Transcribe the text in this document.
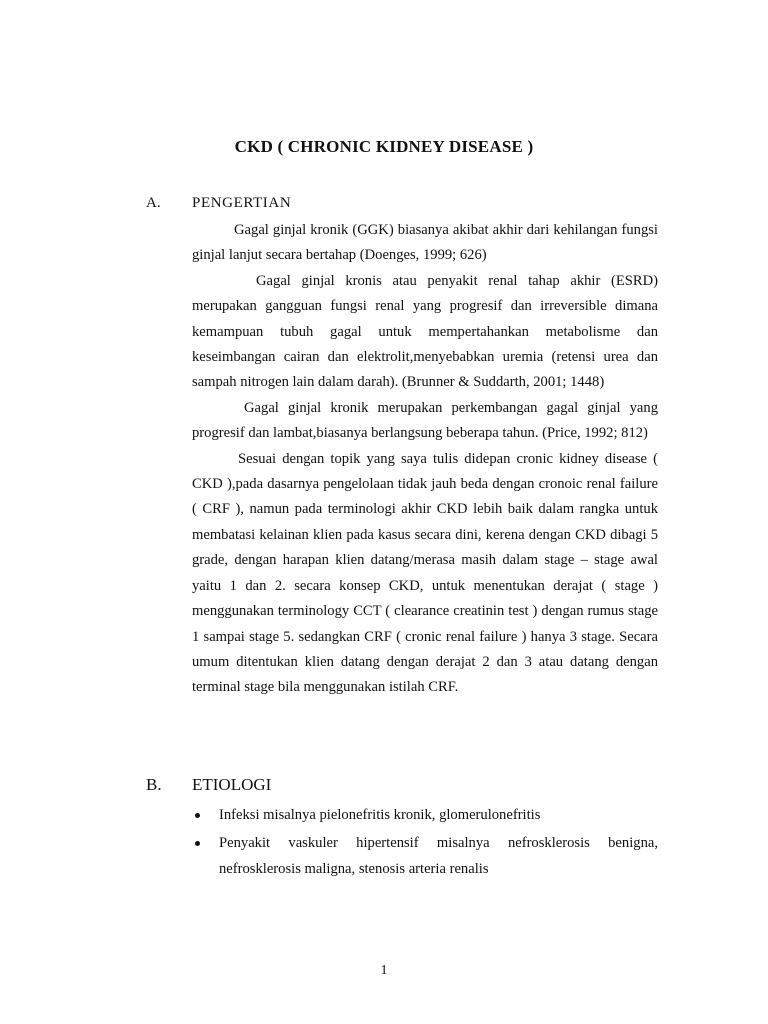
CKD ( CHRONIC KIDNEY DISEASE )
A.	PENGERTIAN

Gagal ginjal kronik (GGK) biasanya akibat akhir dari kehilangan fungsi ginjal lanjut secara bertahap (Doenges, 1999; 626)

Gagal ginjal kronis atau penyakit renal tahap akhir (ESRD) merupakan gangguan fungsi renal yang progresif dan irreversible dimana kemampuan tubuh gagal untuk mempertahankan metabolisme dan keseimbangan cairan dan elektrolit,menyebabkan uremia (retensi urea dan sampah nitrogen lain dalam darah). (Brunner & Suddarth, 2001; 1448)

Gagal ginjal kronik merupakan perkembangan gagal ginjal yang progresif dan lambat,biasanya berlangsung beberapa tahun. (Price, 1992; 812)

Sesuai dengan topik yang saya tulis didepan cronic kidney disease ( CKD ),pada dasarnya pengelolaan tidak jauh beda dengan cronoic renal failure ( CRF ), namun pada terminologi akhir CKD lebih baik dalam rangka untuk membatasi kelainan klien pada kasus secara dini, kerena dengan CKD dibagi 5 grade, dengan harapan klien datang/merasa masih dalam stage – stage awal yaitu 1 dan 2. secara konsep CKD, untuk menentukan derajat ( stage ) menggunakan terminology CCT ( clearance creatinin test ) dengan rumus stage 1 sampai stage 5. sedangkan CRF ( cronic renal failure ) hanya 3 stage. Secara umum ditentukan klien datang dengan derajat 2 dan 3 atau datang dengan terminal stage bila menggunakan istilah CRF.

B.	ETIOLOGI
Infeksi misalnya pielonefritis kronik, glomerulonefritis
Penyakit vaskuler hipertensif misalnya nefrosklerosis benigna, nefrosklerosis maligna, stenosis arteria renalis
1
